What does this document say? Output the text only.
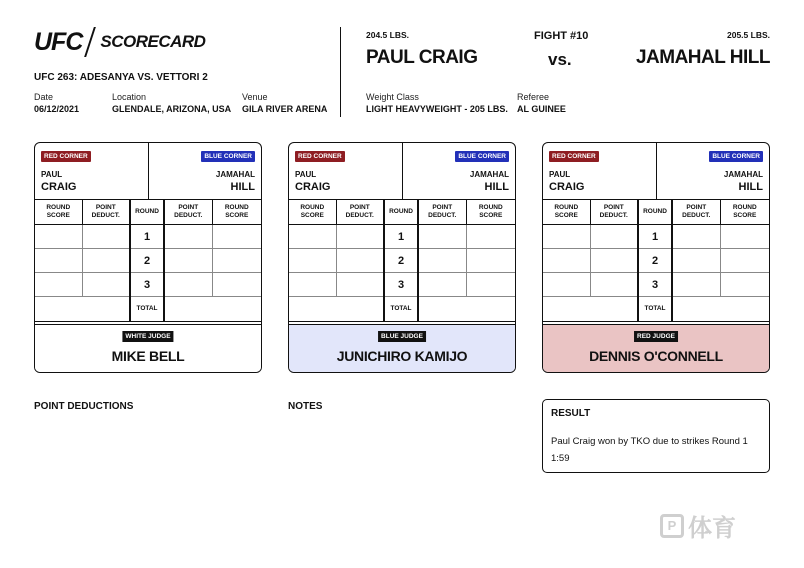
UFC SCORECARD
UFC 263: ADESANYA VS. VETTORI 2
Date
06/12/2021
Location
GLENDALE, ARIZONA, USA
Venue
GILA RIVER ARENA
204.5 LBS.
PAUL CRAIG
FIGHT #10
vs.
205.5 LBS.
JAMAHAL HILL
Weight Class
LIGHT HEAVYWEIGHT - 205 LBS.
Referee
AL GUINEE
RED CORNER
PAUL
CRAIG
BLUE CORNER
JAMAHAL
HILL
ROUND SCORE	POINT DEDUCT.	ROUND	POINT DEDUCT.	ROUND SCORE
		1		
		2		
		3		
		TOTAL		
WHITE JUDGE
MIKE BELL
RED CORNER
PAUL
CRAIG
BLUE CORNER
JAMAHAL
HILL
ROUND SCORE	POINT DEDUCT.	ROUND	POINT DEDUCT.	ROUND SCORE
		1		
		2		
		3		
		TOTAL		
BLUE JUDGE
JUNICHIRO KAMIJO
RED CORNER
PAUL
CRAIG
BLUE CORNER
JAMAHAL
HILL
ROUND SCORE	POINT DEDUCT.	ROUND	POINT DEDUCT.	ROUND SCORE
		1		
		2		
		3		
		TOTAL		
RED JUDGE
DENNIS O'CONNELL
POINT DEDUCTIONS	NOTES
RESULT
Paul Craig won by TKO due to strikes Round 1 1:59
P 体育
